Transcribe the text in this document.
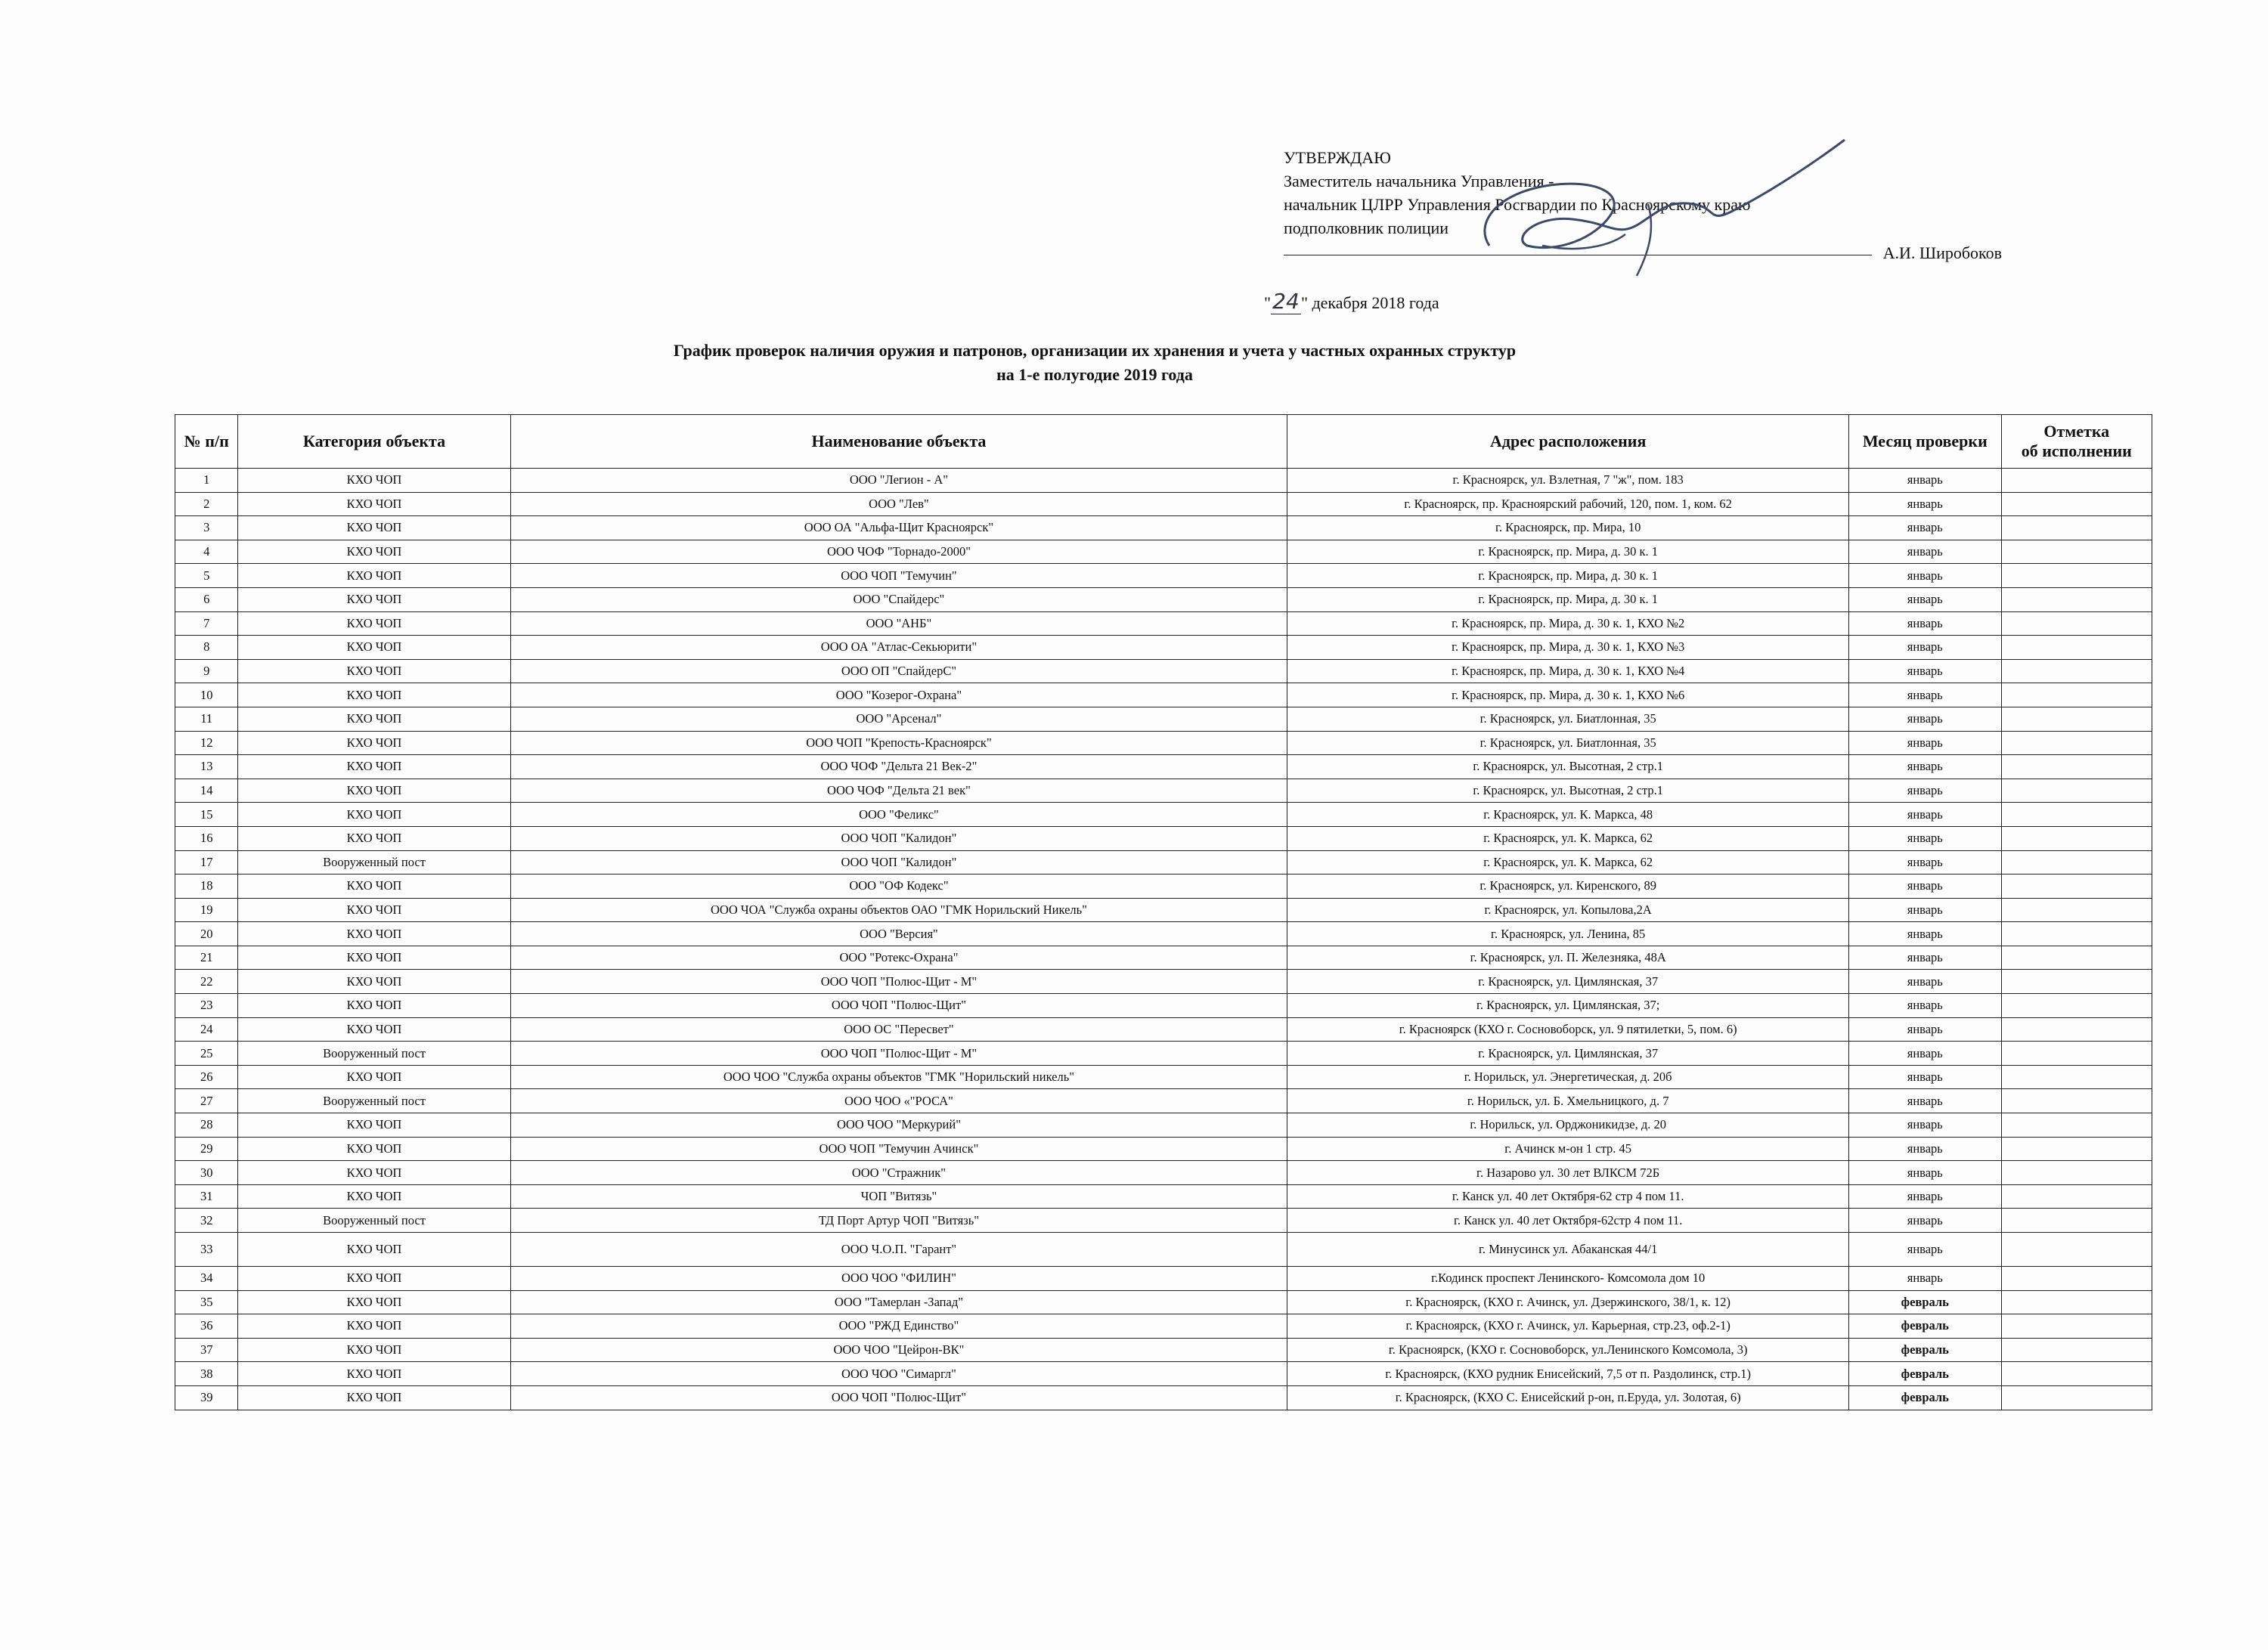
УТВЕРЖДАЮ
Заместитель начальника Управления -
начальник ЦЛРР Управления Росгвардии по Красноярскому краю
подполковник полиции
А.И. Широбоков
"24" декабря 2018 года
График проверок наличия оружия и патронов, организации их хранения и учета у частных охранных структур
на 1-е полугодие 2019 года
№ п/п	Категория объекта	Наименование объекта	Адрес расположения	Месяц проверки	Отметка
об исполнении

1	КХО ЧОП	ООО "Легион - А"	г. Красноярск, ул. Взлетная, 7 "ж", пом. 183	январь	
2	КХО ЧОП	ООО "Лев"	г. Красноярск, пр. Красноярский рабочий, 120, пом. 1, ком. 62	январь	
3	КХО ЧОП	ООО ОА "Альфа-Щит Красноярск"	г. Красноярск, пр. Мира, 10	январь	
4	КХО ЧОП	ООО ЧОФ "Торнадо-2000"	г. Красноярск, пр. Мира, д. 30 к. 1	январь	
5	КХО ЧОП	ООО ЧОП "Темучин"	г. Красноярск, пр. Мира, д. 30 к. 1	январь	
6	КХО ЧОП	ООО "Спайдерс"	г. Красноярск, пр. Мира, д. 30 к. 1	январь	
7	КХО ЧОП	ООО "АНБ"	г. Красноярск, пр. Мира, д. 30 к. 1, КХО №2	январь	
8	КХО ЧОП	ООО ОА "Атлас-Секьюрити"	г. Красноярск, пр. Мира, д. 30 к. 1, КХО №3	январь	
9	КХО ЧОП	ООО ОП "СпайдерС"	г. Красноярск, пр. Мира, д. 30 к. 1, КХО №4	январь	
10	КХО ЧОП	ООО "Козерог-Охрана"	г. Красноярск, пр. Мира, д. 30 к. 1, КХО №6	январь	
11	КХО ЧОП	ООО "Арсенал"	г. Красноярск, ул. Биатлонная, 35	январь	
12	КХО ЧОП	ООО ЧОП "Крепость-Красноярск"	г. Красноярск, ул. Биатлонная, 35	январь	
13	КХО ЧОП	ООО ЧОФ "Дельта 21 Век-2"	г. Красноярск, ул. Высотная, 2 стр.1	январь	
14	КХО ЧОП	ООО ЧОФ "Дельта 21 век"	г. Красноярск, ул. Высотная, 2 стр.1	январь	
15	КХО ЧОП	ООО "Феликс"	г. Красноярск, ул. К. Маркса, 48	январь	
16	КХО ЧОП	ООО ЧОП "Калидон"	г. Красноярск, ул. К. Маркса, 62	январь	
17	Вооруженный пост	ООО ЧОП "Калидон"	г. Красноярск, ул. К. Маркса, 62	январь	
18	КХО ЧОП	ООО "ОФ Кодекс"	г. Красноярск, ул. Киренского, 89	январь	
19	КХО ЧОП	ООО ЧОА "Служба охраны объектов ОАО "ГМК Норильский Никель"	г. Красноярск, ул. Копылова,2А	январь	
20	КХО ЧОП	ООО "Версия"	г. Красноярск, ул. Ленина, 85	январь	
21	КХО ЧОП	ООО "Ротекс-Охрана"	г. Красноярск, ул. П. Железняка, 48А	январь	
22	КХО ЧОП	ООО ЧОП "Полюс-Щит - М"	г. Красноярск, ул. Цимлянская, 37	январь	
23	КХО ЧОП	ООО ЧОП "Полюс-Щит"	г. Красноярск, ул. Цимлянская, 37;	январь	
24	КХО ЧОП	ООО ОС "Пересвет"	г. Красноярск (КХО г. Сосновоборск, ул. 9 пятилетки, 5, пом. 6)	январь	
25	Вооруженный пост	ООО ЧОП "Полюс-Щит - М"	г. Красноярск, ул. Цимлянская, 37	январь	
26	КХО ЧОП	ООО ЧОО "Служба охраны объектов "ГМК "Норильский никель"	г. Норильск, ул. Энергетическая, д. 20б	январь	
27	Вооруженный пост	ООО ЧОО «"РОСА"	г. Норильск, ул. Б. Хмельницкого, д. 7	январь	
28	КХО ЧОП	ООО ЧОО "Меркурий"	г. Норильск, ул. Орджоникидзе, д. 20	январь	
29	КХО ЧОП	ООО ЧОП "Темучин Ачинск"	г. Ачинск м-он 1 стр. 45	январь	
30	КХО ЧОП	ООО "Стражник"	г. Назарово ул. 30 лет ВЛКСМ 72Б	январь	
31	КХО ЧОП	ЧОП "Витязь"	г. Канск ул. 40 лет Октября-62 стр 4 пом 11.	январь	
32	Вооруженный пост	ТД Порт Артур ЧОП "Витязь"	г. Канск ул. 40 лет Октября-62стр 4 пом 11.	январь	
33	КХО ЧОП	ООО Ч.О.П. "Гарант"	г. Минусинск ул. Абаканская 44/1	январь	
34	КХО ЧОП	ООО ЧОО "ФИЛИН"	г.Кодинск проспект Ленинского- Комсомола дом 10	январь	
35	КХО ЧОП	ООО "Тамерлан -Запад"	г. Красноярск, (КХО г. Ачинск, ул. Дзержинского, 38/1, к. 12)	февраль	
36	КХО ЧОП	ООО "РЖД Единство"	г. Красноярск, (КХО г. Ачинск, ул. Карьерная, стр.23, оф.2-1)	февраль	
37	КХО ЧОП	ООО ЧОО "Цейрон-ВК"	г. Красноярск, (КХО г. Сосновоборск, ул.Ленинского Комсомола, 3)	февраль	
38	КХО ЧОП	ООО ЧОО "Симаргл"	г. Красноярск, (КХО рудник Енисейский, 7,5 от п. Раздолинск, стр.1)	февраль	
39	КХО ЧОП	ООО ЧОП "Полюс-Щит"	г. Красноярск, (КХО С. Енисейский р-он, п.Еруда, ул. Золотая, 6)	февраль	
